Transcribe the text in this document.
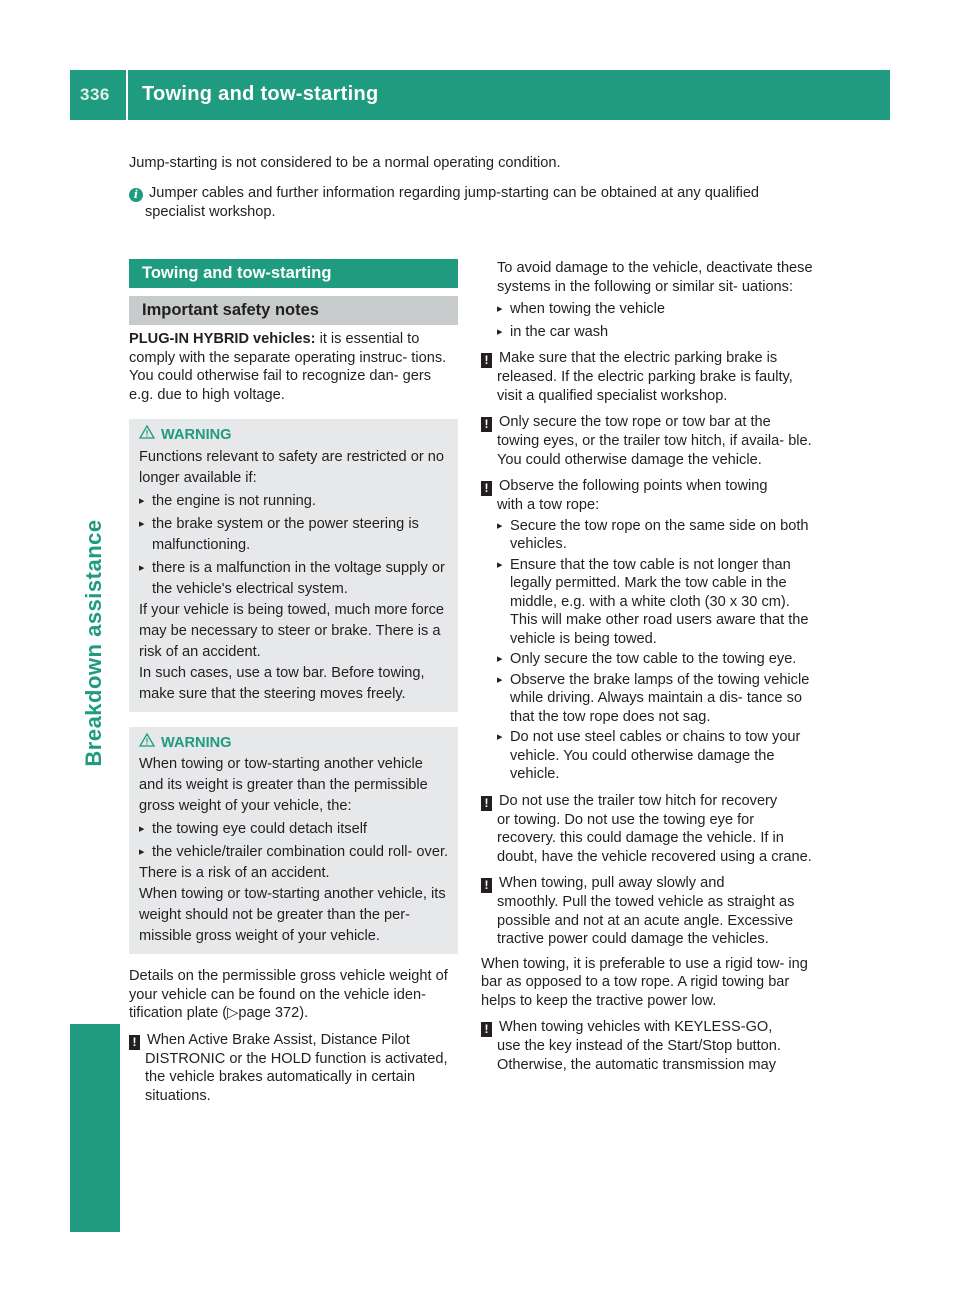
336	Towing and tow-starting
Breakdown assistance

Jump-starting is not considered to be a normal operating condition.

i Jumper cables and further information regarding jump-starting can be obtained at any qualified

specialist workshop.

Towing and tow-starting
Important safety notes

PLUG-IN HYBRID vehicles: it is essential to comply with the separate operating instruc- tions. You could otherwise fail to recognize dan- gers e.g. due to high voltage.

WARNING

Functions relevant to safety are restricted or no longer available if:

▸ the engine is not running.
▸ the brake system or the power steering is malfunctioning.
▸ there is a malfunction in the voltage supply or the vehicle's electrical system.

If your vehicle is being towed, much more force may be necessary to steer or brake. There is a risk of an accident.

In such cases, use a tow bar. Before towing, make sure that the steering moves freely.

WARNING

When towing or tow-starting another vehicle and its weight is greater than the permissible gross weight of your vehicle, the:

▸ the towing eye could detach itself
▸ the vehicle/trailer combination could roll- over.

There is a risk of an accident.

When towing or tow-starting another vehicle, its weight should not be greater than the per- missible gross weight of your vehicle.

Details on the permissible gross vehicle weight of your vehicle can be found on the vehicle iden- tification plate (▷page 372).

! When Active Brake Assist, Distance Pilot
DISTRONIC or the HOLD function is activated, the vehicle brakes automatically in certain situations.

To avoid damage to the vehicle, deactivate these systems in the following or similar sit- uations:

▸ when towing the vehicle
▸ in the car wash
! Make sure that the electric parking brake is
released. If the electric parking brake is faulty, visit a qualified specialist workshop.
! Only secure the tow rope or tow bar at the
towing eyes, or the trailer tow hitch, if availa- ble. You could otherwise damage the vehicle.
! Observe the following points when towing
with a tow rope:
▸ Secure the tow rope on the same side on both vehicles.
▸ Ensure that the tow cable is not longer than legally permitted. Mark the tow cable in the middle, e.g. with a white cloth (30 x 30 cm). This will make other road users aware that the vehicle is being towed.
▸ Only secure the tow cable to the towing eye.
▸ Observe the brake lamps of the towing vehicle while driving. Always maintain a dis- tance so that the tow rope does not sag.
▸ Do not use steel cables or chains to tow your vehicle. You could otherwise damage the vehicle.
! Do not use the trailer tow hitch for recovery
or towing. Do not use the towing eye for recovery. this could damage the vehicle. If in doubt, have the vehicle recovered using a crane.
! When towing, pull away slowly and
smoothly. Pull the towed vehicle as straight as possible and not at an acute angle. Excessive tractive power could damage the vehicles.

When towing, it is preferable to use a rigid tow- ing bar as opposed to a tow rope. A rigid towing bar helps to keep the tractive power low.

! When towing vehicles with KEYLESS-GO,
use the key instead of the Start/Stop button. Otherwise, the automatic transmission may
